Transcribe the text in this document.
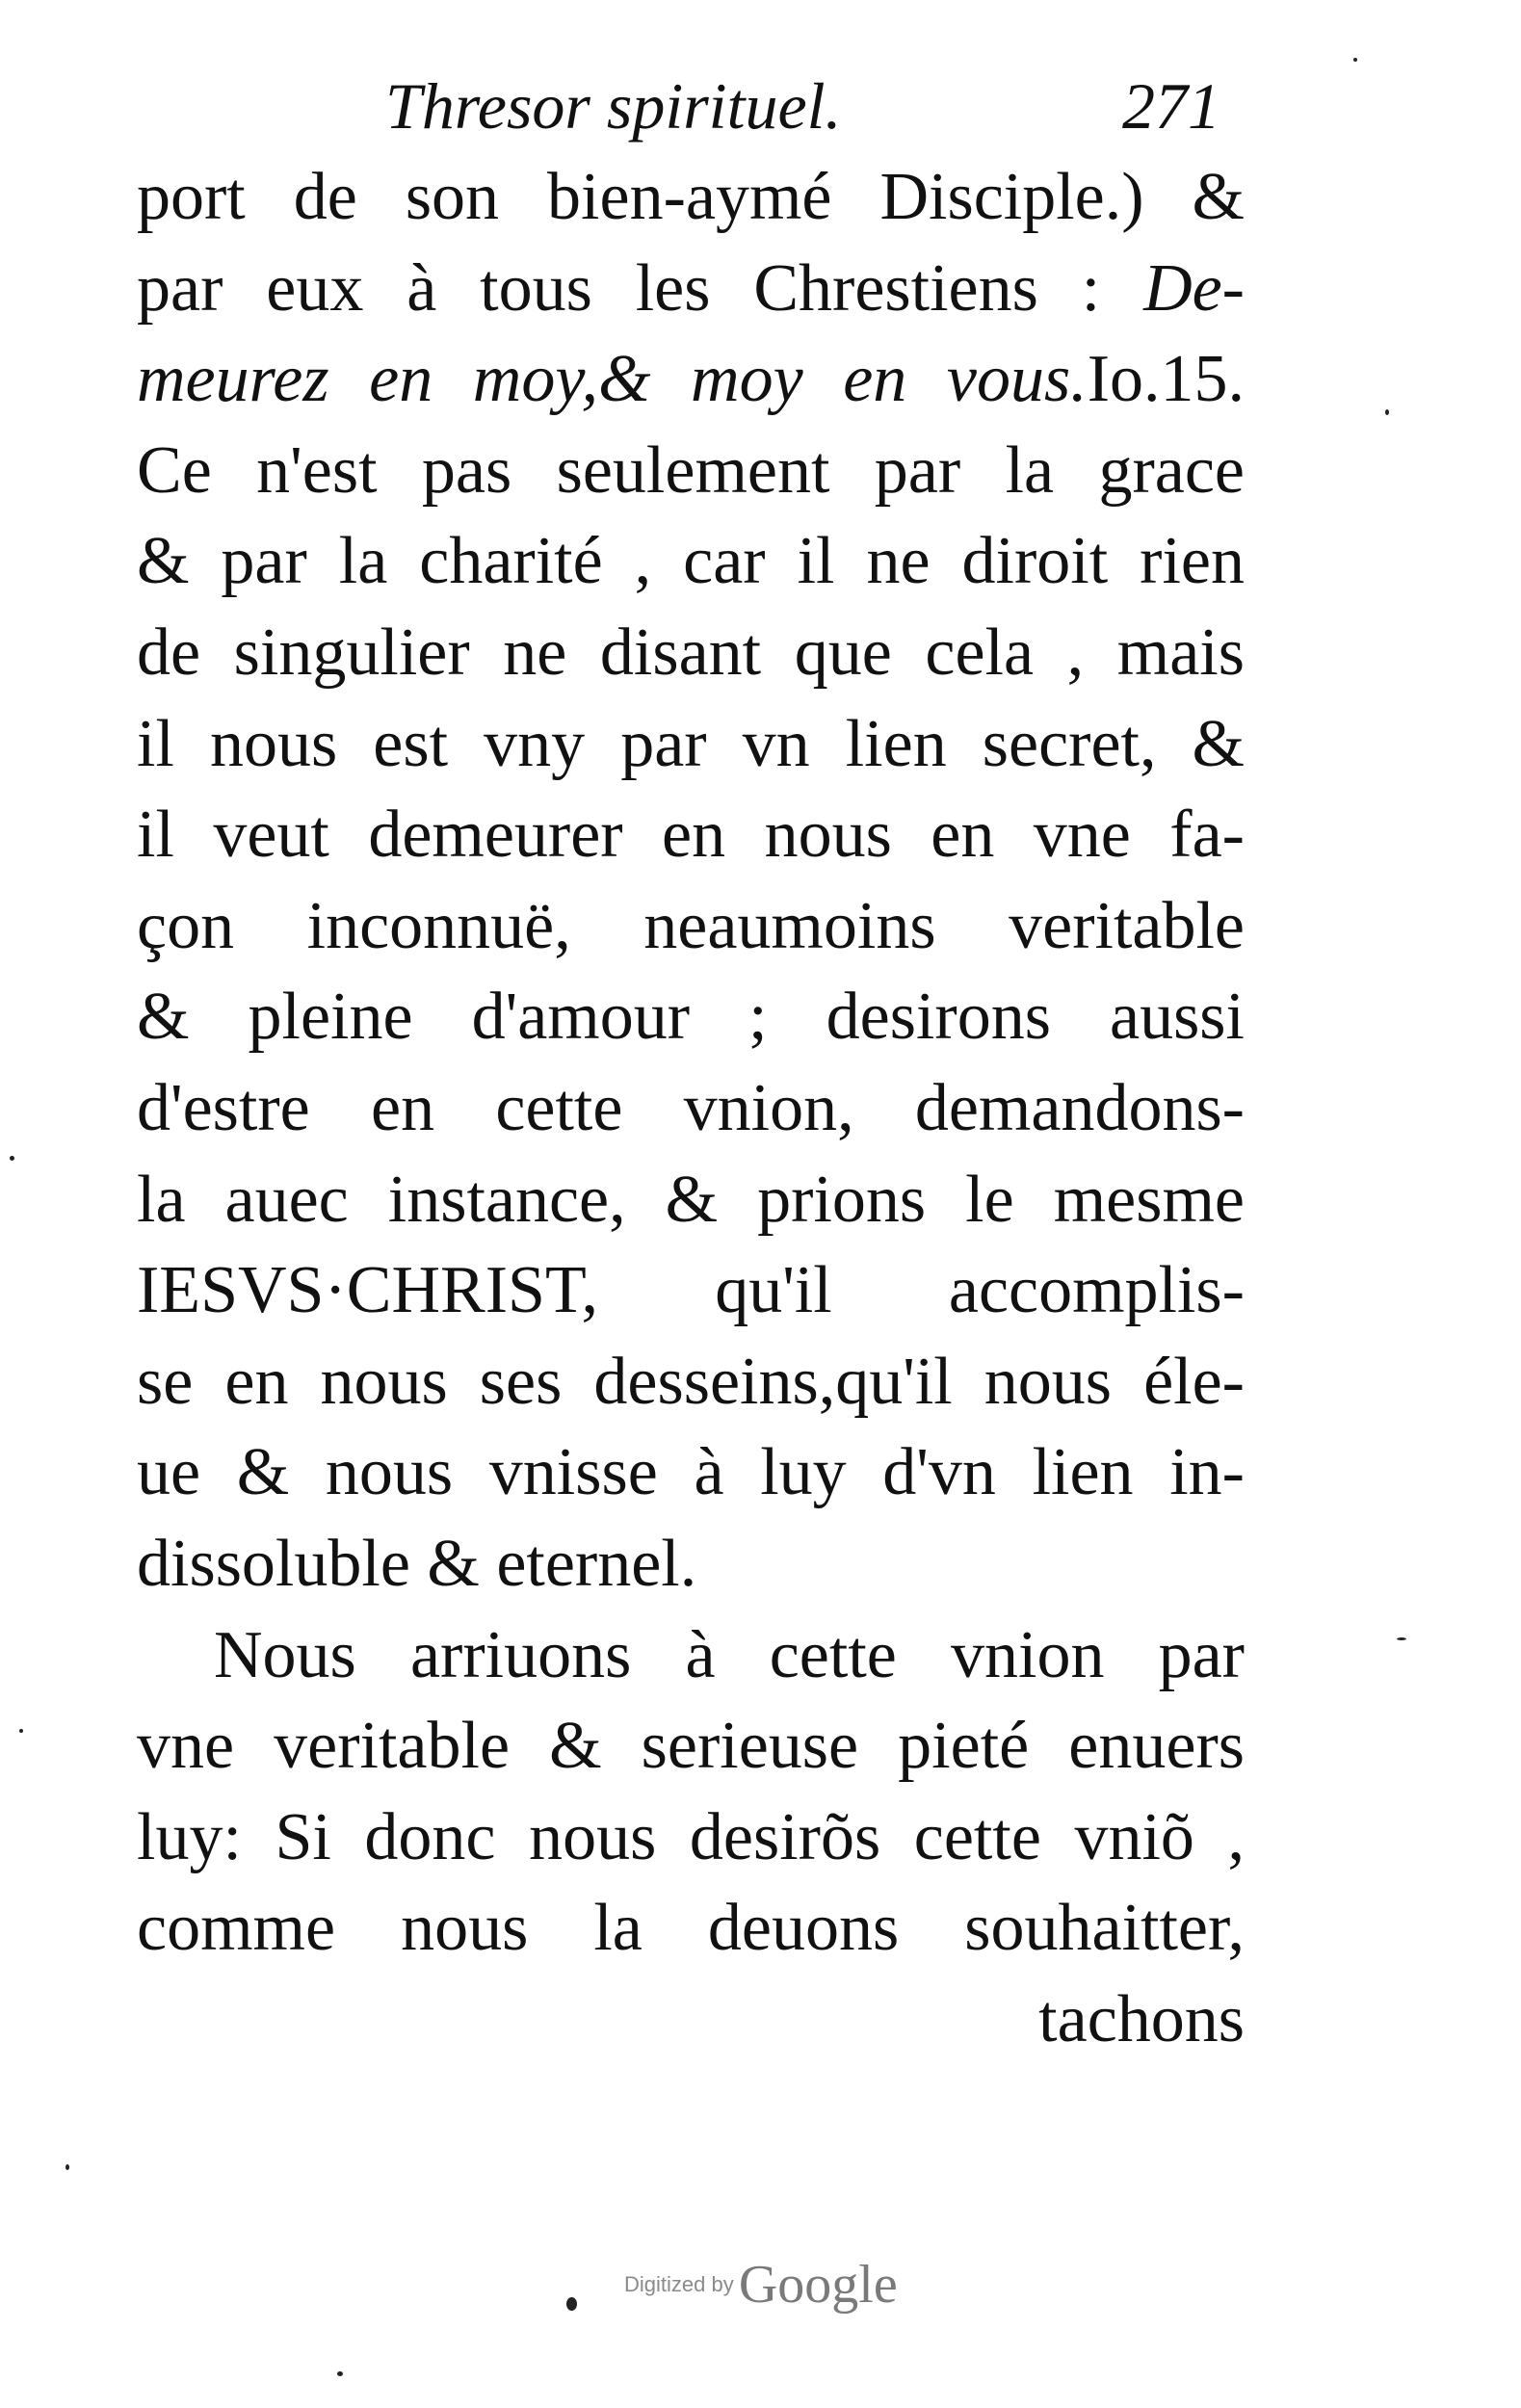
Thresor spirituel.	271
port de son bien-aymé Disciple.) &
par eux à tous les Chrestiens : De-
meurez en moy,& moy en vous.Io.15.
Ce n'est pas seulement par la grace
& par la charité , car il ne diroit rien
de singulier ne disant que cela , mais
il nous est vny par vn lien secret, &
il veut demeurer en nous en vne fa-
çon inconnuë, neaumoins veritable
& pleine d'amour ; desirons aussi
d'estre en cette vnion, demandons-
la auec instance, & prions le mesme
IESVS·CHRIST, qu'il accomplis-
se en nous ses desseins,qu'il nous éle-
ue & nous vnisse à luy d'vn lien in-
dissoluble & eternel.
Nous arriuons à cette vnion par
vne veritable & serieuse pieté enuers
luy: Si donc nous desirõs cette vniõ ,
comme nous la deuons souhaitter,
tachons
Digitized by Google
